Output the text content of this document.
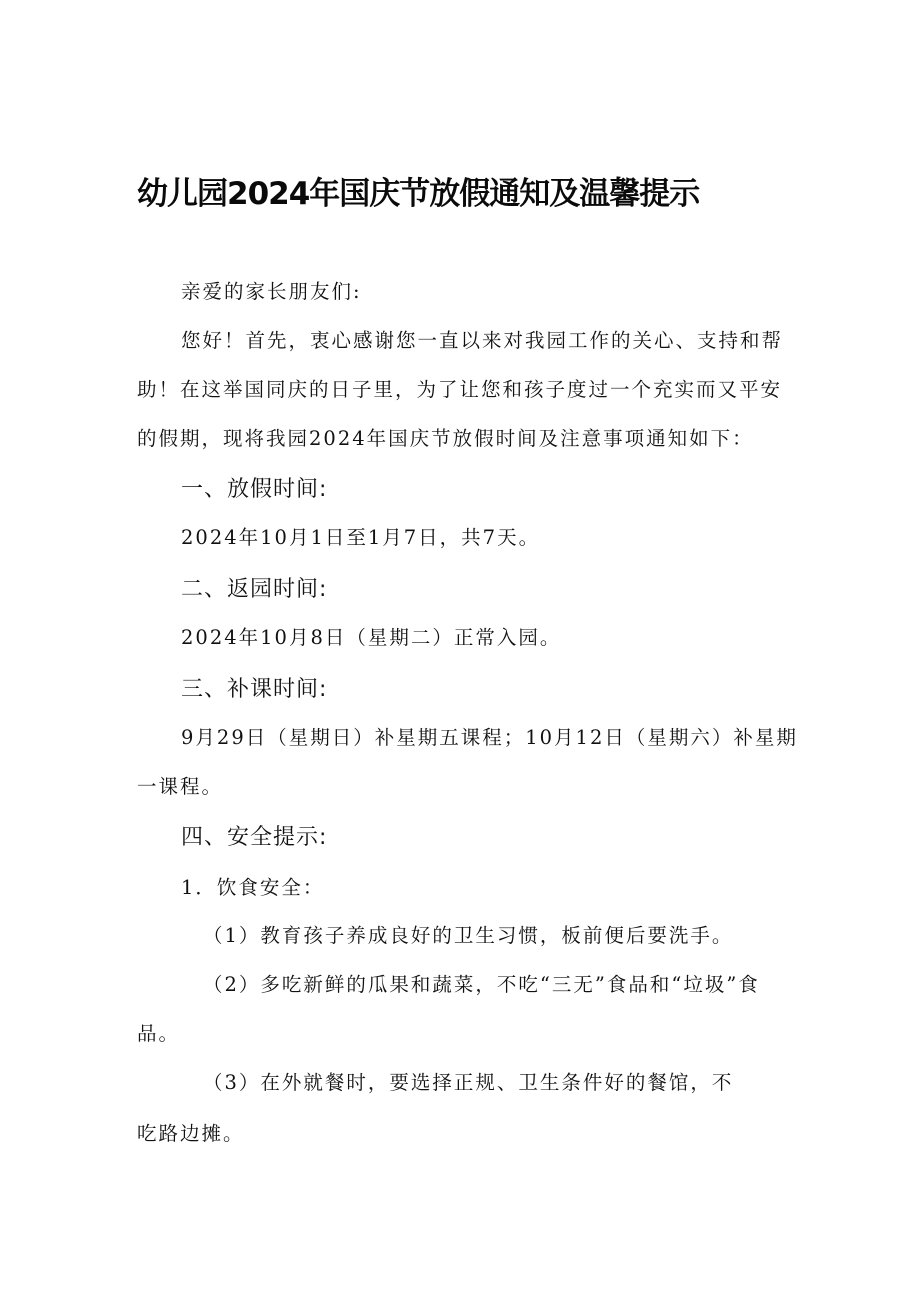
幼儿园2024年国庆节放假通知及温馨提示
亲爱的家长朋友们:
您好！首先，衷心感谢您一直以来对我园工作的关心、支持和帮
助！在这举国同庆的日子里，为了让您和孩子度过一个充实而又平安
的假期，现将我园2024年国庆节放假时间及注意事项通知如下：
一、放假时间:
2024年10月1日至1月7日，共7天。
二、返园时间:
2024年10月8日（星期二）正常入园。
三、补课时间:
9月29日（星期日）补星期五课程；10月12日（星期六）补星期
一课程。
四、安全提示:
1．饮食安全：
（1）教育孩子养成良好的卫生习惯，板前便后要洗手。
（2）多吃新鲜的瓜果和蔬菜，不吃“三无”食品和“垃圾”食
品。
（3）在外就餐时，要选择正规、卫生条件好的餐馆，不
吃路边摊。
